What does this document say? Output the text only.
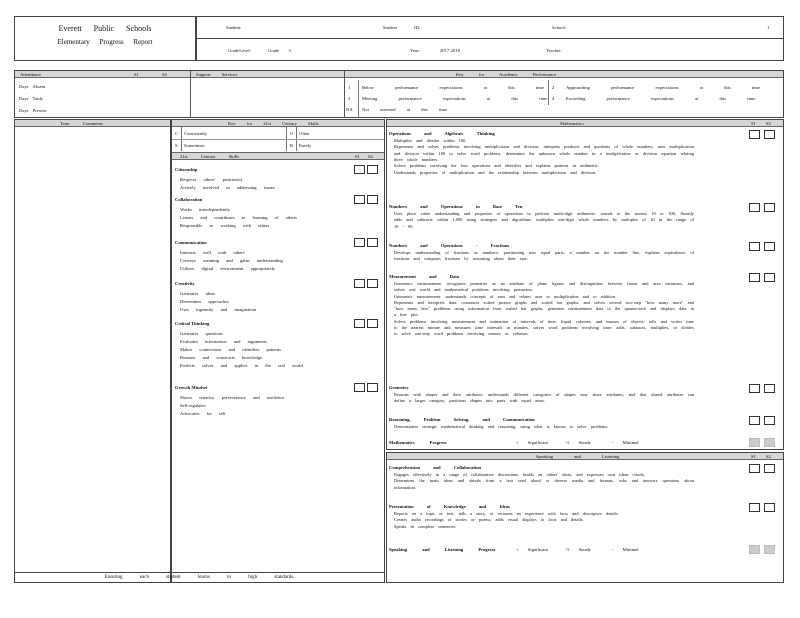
Everett Public Schools
Elementary Progress Report
Student:	Student ID:	School:	1
GradeLevel:	Grade 3	Year:	2017-2018	Teacher:
Attendance	S1	S2
Days Absent
Days Tardy
Days Present
Support Services	Key for Academic Performance
1	Below performance expectations at this time 2	Approaching performance expectations at this time
3	Meeting performance expectations at this time 4	Exceeding performance expectations at this time
NA Not assessed at this time
Term Comments	Key for 21st Century Skills
C Consistently	O Often
S Sometimes	R Rarely
21st Century Skills	S1 S2
Ensuring each student learns to high standards.
Mathematics	S1 S2
Speaking and Listening	S1 S2
Citizenship
Respects others' position(s)
Actively involved in addressing issues
Collaboration
Works interdependently
Listens and contributes to learning of others
Responsible to working with others
Communication
Interacts well with others
Conveys meaning and gains understanding
Utilizes digital environment appropriately
Creativity
Generates ideas
Determines approaches
Uses ingenuity and imagination
Critical Thinking
Generates questions
Evaluates information and arguments
Makes connections and identifies patterns
Reasons and constructs knowledge
Predicts solves and applies in the real world
Growth Mindset
Shows tenacity, perseverance and resilience
Self-regulates
Advocates for self
Operations and Algebraic Thinking
Multiplies and divides within 100.
Represents and solves problems involving multiplication and division, interprets products and quotients of whole numbers, uses multiplication and division within 100 to solve word problems, determines the unknown whole number in a multiplication or division equation relating three whole numbers.
Solves problems involving the four operations and identifies and explains patterns in arithmetic.
Understands properties of multiplication and the relationship between multiplication and division.
Numbers and Operations in Base Ten
Uses place value understanding and properties of operations to perform multi-digit arithmetic: rounds to the nearest 10 or 100, fluently adds and subtracts within 1,000 using strategies and algorithms, multiplies one-digit whole numbers by multiples of 10 in the range of 10 - 90.
Numbers and Operations - Fractions
Develops understanding of fractions as numbers: partitioning into equal parts, a number on the number line, explains equivalence of fractions and compares fractions by reasoning about their size.
Measurement and Data
Geometric measurement: recognizes perimeter as an attribute of plane figures and distinguishes between linear and area measures, and solves real world and mathematical problems involving perimeters.
Geometric measurement: understands concepts of area and relates area to multiplication and to addition.
Represents and interprets data: constructs scaled picture graphs and scaled bar graphs, and solves several two-step "how many more" and "how many less" problems using information from scaled bar graphs, generates measurement data to the quarter-inch and displays data in a line plot.
Solves problems involving measurement and estimation of intervals of time, liquid volumes, and masses of objects: tells and writes time to the nearest minute and measures time intervals in minutes, solves word problems involving time; adds, subtracts, multiplies, or divides to solve one-step word problems involving masses or volumes.
Geometry
Reasons with shapes and their attributes: understands different categories of shapes may share attributes, and that shared attributes can define a larger category, partitions shapes into parts with equal areas.
Reasoning, Problem Solving, and Communication
Demonstrates strategic mathematical thinking and reasoning, using what is known to solve problems.
Mathematics Progress	+ Significant	½ Steady	- Minimal
Comprehension and Collaboration
Engages effectively in a range of collaborative discussions, builds on others' ideas, and expresses own ideas clearly.
Determines the main ideas and details from a text read aloud or diverse media and formats, asks and answers questions about information.
Presentation of Knowledge and Ideas
Reports on a topic or text, tells a story, or recounts an experience with facts and descriptive details.
Creates audio recordings of stories or poems, adds visual displays to facts and details.
Speaks in complete sentences.
Speaking and Listening Progress	+ Significant	½ Steady	- Minimal
